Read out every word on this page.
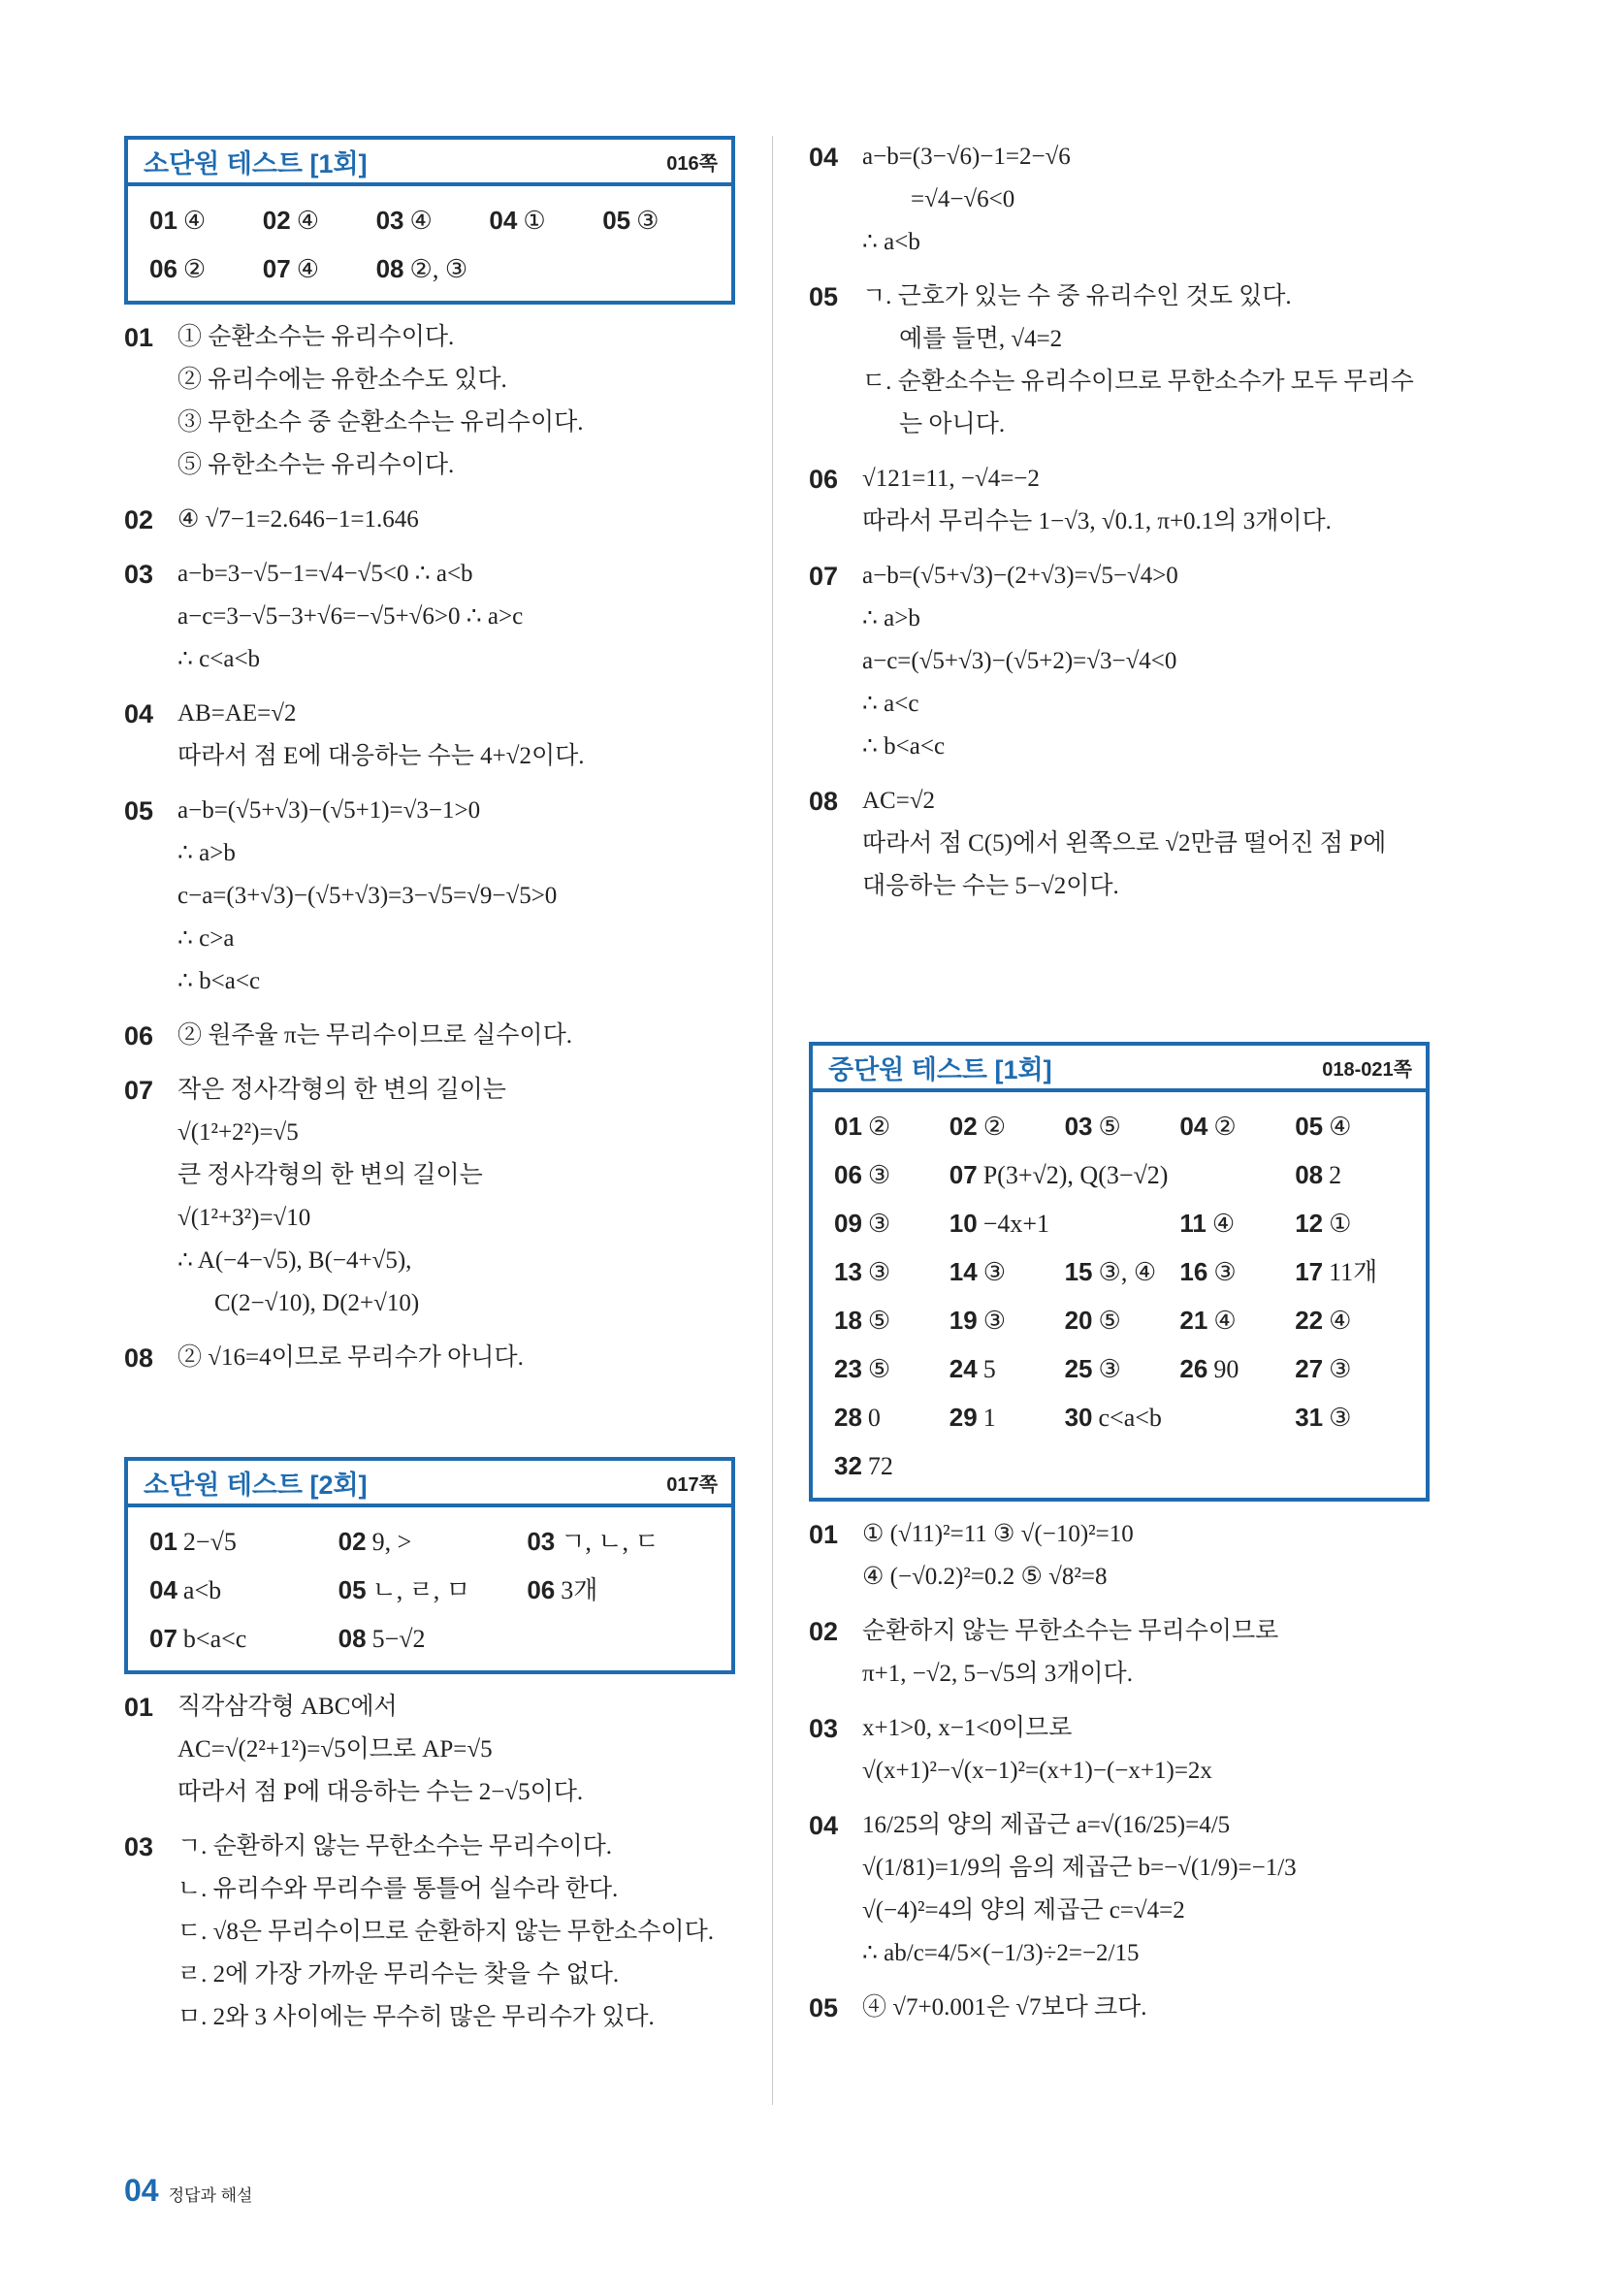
소단원 테스트 [1회]	016쪽
01 ④	02 ④	03 ④	04 ①	05 ③
06 ②	07 ④	08 ②, ③
01 ① 순환소수는 유리수이다.
② 유리수에는 유한소수도 있다.
③ 무한소수 중 순환소수는 유리수이다.
⑤ 유한소수는 유리수이다.
02 ④ √7−1=2.646−1=1.646
03 a−b=3−√5−1=√4−√5<0 ∴ a<b
a−c=3−√5−3+√6=−√5+√6>0 ∴ a>c
∴ c<a<b
04 AB=AE=√2
따라서 점 E에 대응하는 수는 4+√2이다.
05 a−b=(√5+√3)−(√5+1)=√3−1>0
∴ a>b
c−a=(3+√3)−(√5+√3)=3−√5=√9−√5>0
∴ c>a
∴ b<a<c
06 ② 원주율 π는 무리수이므로 실수이다.
07 작은 정사각형의 한 변의 길이는
√(1²+2²)=√5
큰 정사각형의 한 변의 길이는
√(1²+3²)=√10
∴ A(−4−√5), B(−4+√5),
C(2−√10), D(2+√10)
08 ② √16=4이므로 무리수가 아니다.
소단원 테스트 [2회]	017쪽
01 2−√5	02 9, >	03 ㄱ, ㄴ, ㄷ
04 a<b	05 ㄴ, ㄹ, ㅁ	06 3개
07 b<a<c	08 5−√2
01 직각삼각형 ABC에서
AC=√(2²+1²)=√5이므로 AP=√5
따라서 점 P에 대응하는 수는 2−√5이다.
03 ㄱ. 순환하지 않는 무한소수는 무리수이다.
ㄴ. 유리수와 무리수를 통틀어 실수라 한다.
ㄷ. √8은 무리수이므로 순환하지 않는 무한소수이다.
ㄹ. 2에 가장 가까운 무리수는 찾을 수 없다.
ㅁ. 2와 3 사이에는 무수히 많은 무리수가 있다.
04 a−b=(3−√6)−1=2−√6
=√4−√6<0
∴ a<b
05 ㄱ. 근호가 있는 수 중 유리수인 것도 있다.
예를 들면, √4=2
ㄷ. 순환소수는 유리수이므로 무한소수가 모두 무리수
는 아니다.
06 √121=11, −√4=−2
따라서 무리수는 1−√3, √0.1, π+0.1의 3개이다.
07 a−b=(√5+√3)−(2+√3)=√5−√4>0
∴ a>b
a−c=(√5+√3)−(√5+2)=√3−√4<0
∴ a<c
∴ b<a<c
08 AC=√2
따라서 점 C(5)에서 왼쪽으로 √2만큼 떨어진 점 P에
대응하는 수는 5−√2이다.
중단원 테스트 [1회]	018-021쪽
01 ②	02 ②	03 ⑤	04 ②	05 ④
06 ③	07 P(3+√2), Q(3−√2)	08 2
09 ③	10 −4x+1	11 ④	12 ①
13 ③	14 ③	15 ③, ④ 16 ③	17 11개
18 ⑤	19 ③	20 ⑤	21 ④	22 ④
23 ⑤	24 5	25 ③	26 90	27 ③
28 0	29 1	30 c<a<b	31 ③
32 72
01 ① (√11)²=11 ③ √(−10)²=10
④ (−√0.2)²=0.2 ⑤ √8²=8
02 순환하지 않는 무한소수는 무리수이므로
π+1, −√2, 5−√5의 3개이다.
03 x+1>0, x−1<0이므로
√(x+1)²−√(x−1)²=(x+1)−(−x+1)=2x
04 16/25의 양의 제곱근 a=√(16/25)=4/5
√(1/81)=1/9의 음의 제곱근 b=−√(1/9)=−1/3
√(−4)²=4의 양의 제곱근 c=√4=2
∴ ab/c=4/5×(−1/3)÷2=−2/15
05 ④ √7+0.001은 √7보다 크다.
04 정답과 해설
